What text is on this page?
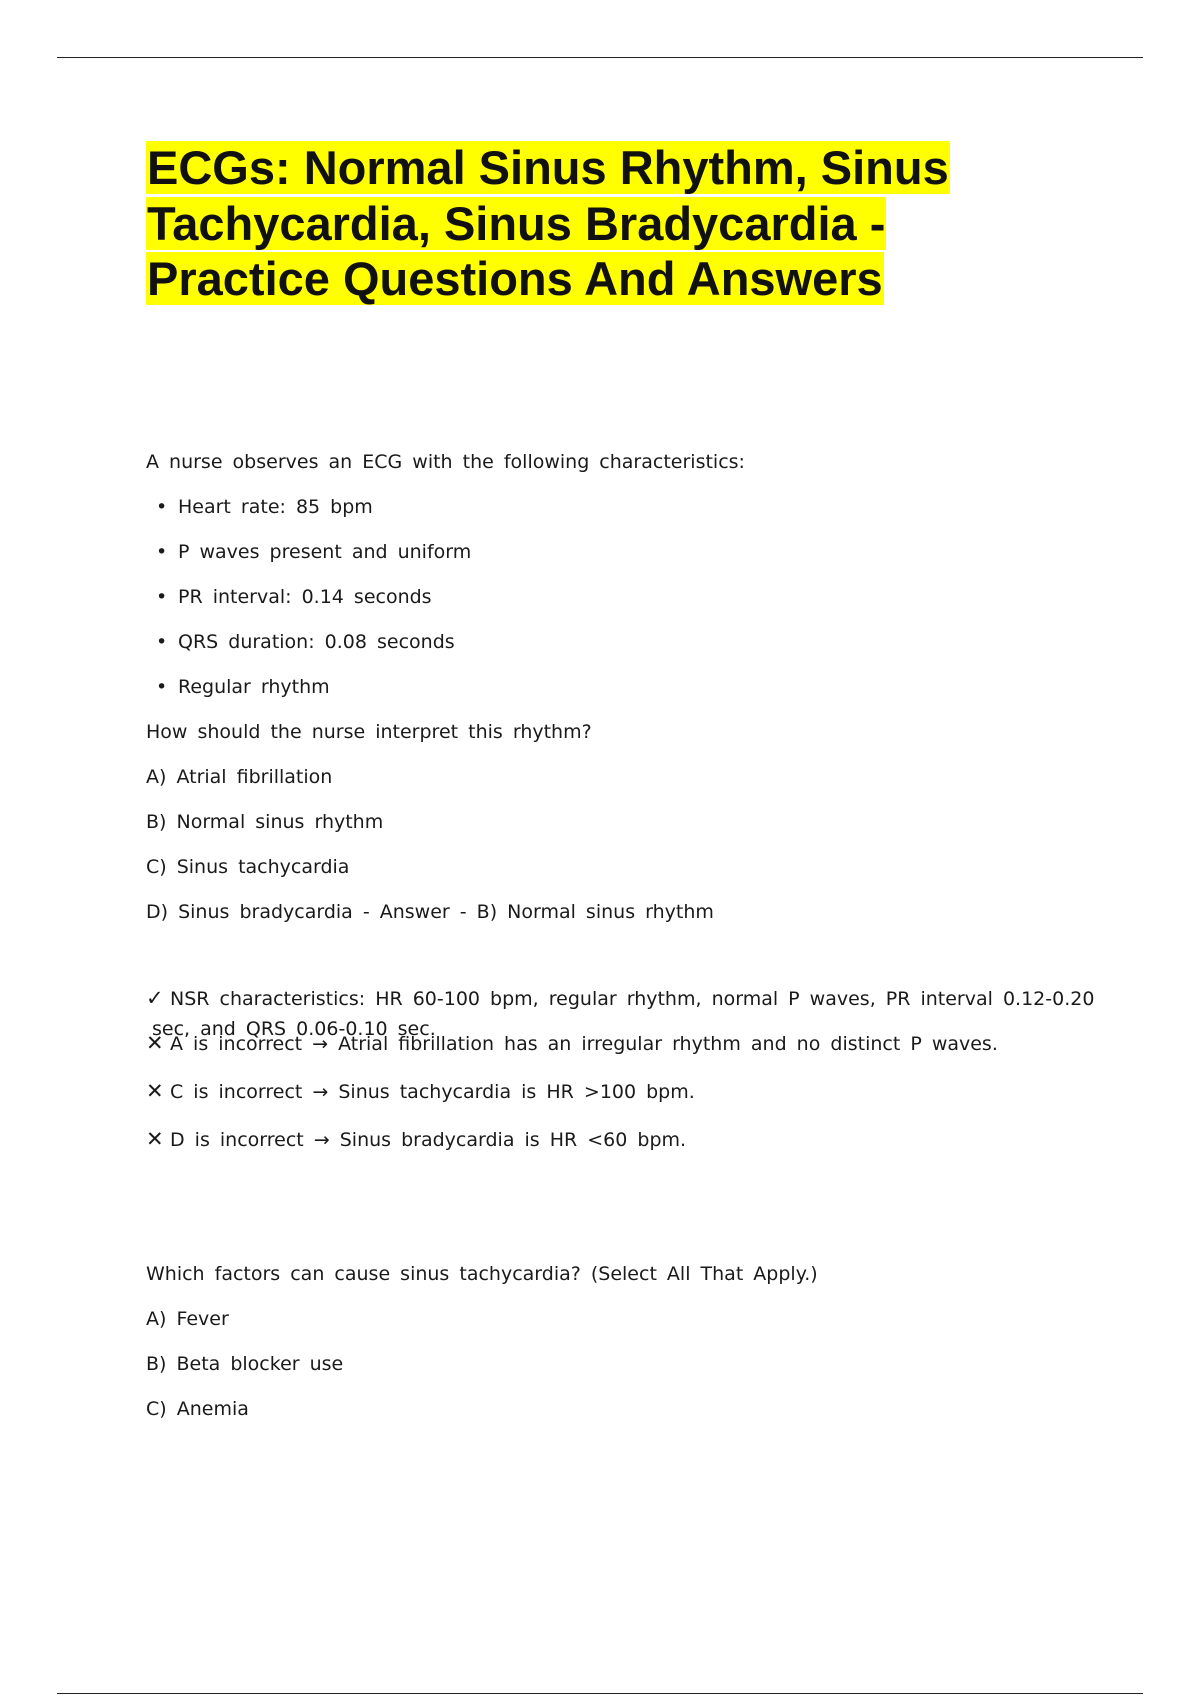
ECGs: Normal Sinus Rhythm, Sinus
Tachycardia, Sinus Bradycardia -
Practice Questions And Answers

A nurse observes an ECG with the following characteristics:

• Heart rate: 85 bpm
• P waves present and uniform
• PR interval: 0.14 seconds
• QRS duration: 0.08 seconds
• Regular rhythm

How should the nurse interpret this rhythm?

A) Atrial fibrillation

B) Normal sinus rhythm

C) Sinus tachycardia

D) Sinus bradycardia - Answer - B) Normal sinus rhythm

✓ NSR characteristics: HR 60-100 bpm, regular rhythm, normal P waves, PR interval 0.12-0.20
sec, and QRS 0.06-0.10 sec.

✕ A is incorrect → Atrial fibrillation has an irregular rhythm and no distinct P waves.

✕ C is incorrect → Sinus tachycardia is HR >100 bpm.

✕ D is incorrect → Sinus bradycardia is HR <60 bpm.

Which factors can cause sinus tachycardia? (Select All That Apply.)

A) Fever

B) Beta blocker use

C) Anemia
